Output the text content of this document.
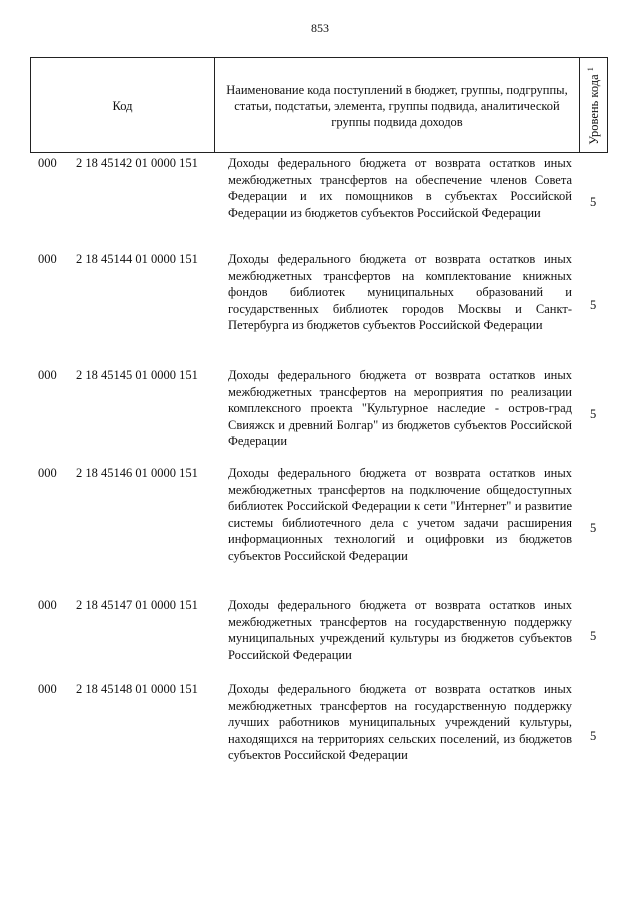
853
Код
Наименование кода поступлений в бюджет, группы, подгруппы, статьи, подстатьи, элемента, группы подвида, аналитической группы подвида доходов	Уровень кода $^1$
000 2 18 45142 01 0000 151 Доходы федерального бюджета от возврата остатков иных межбюджетных трансфертов на обеспечение членов Совета Федерации и их помощников в субъектах Российской Федерации из бюджетов субъектов Российской Федерации
5
000 2 18 45144 01 0000 151 Доходы федерального бюджета от возврата остатков иных межбюджетных трансфертов на комплектование книжных фондов библиотек муниципальных образований и государственных библиотек городов Москвы и Санкт-Петербурга из бюджетов субъектов Российской Федерации
5
000 2 18 45145 01 0000 151 Доходы федерального бюджета от возврата остатков иных межбюджетных трансфертов на мероприятия по реализации комплексного проекта "Культурное наследие - остров-град Свияжск и древний Болгар" из бюджетов субъектов Российской Федерации
5
000 2 18 45146 01 0000 151 Доходы федерального бюджета от возврата остатков иных межбюджетных трансфертов на подключение общедоступных библиотек Российской Федерации к сети "Интернет" и развитие системы библиотечного дела с учетом задачи расширения информационных технологий и оцифровки из бюджетов субъектов Российской Федерации
5
000 2 18 45147 01 0000 151 Доходы федерального бюджета от возврата остатков иных межбюджетных трансфертов на государственную поддержку муниципальных учреждений культуры из бюджетов субъектов Российской Федерации
5
000 2 18 45148 01 0000 151 Доходы федерального бюджета от возврата остатков иных межбюджетных трансфертов на государственную поддержку лучших работников муниципальных учреждений культуры, находящихся на территориях сельских поселений, из бюджетов субъектов Российской Федерации
5
